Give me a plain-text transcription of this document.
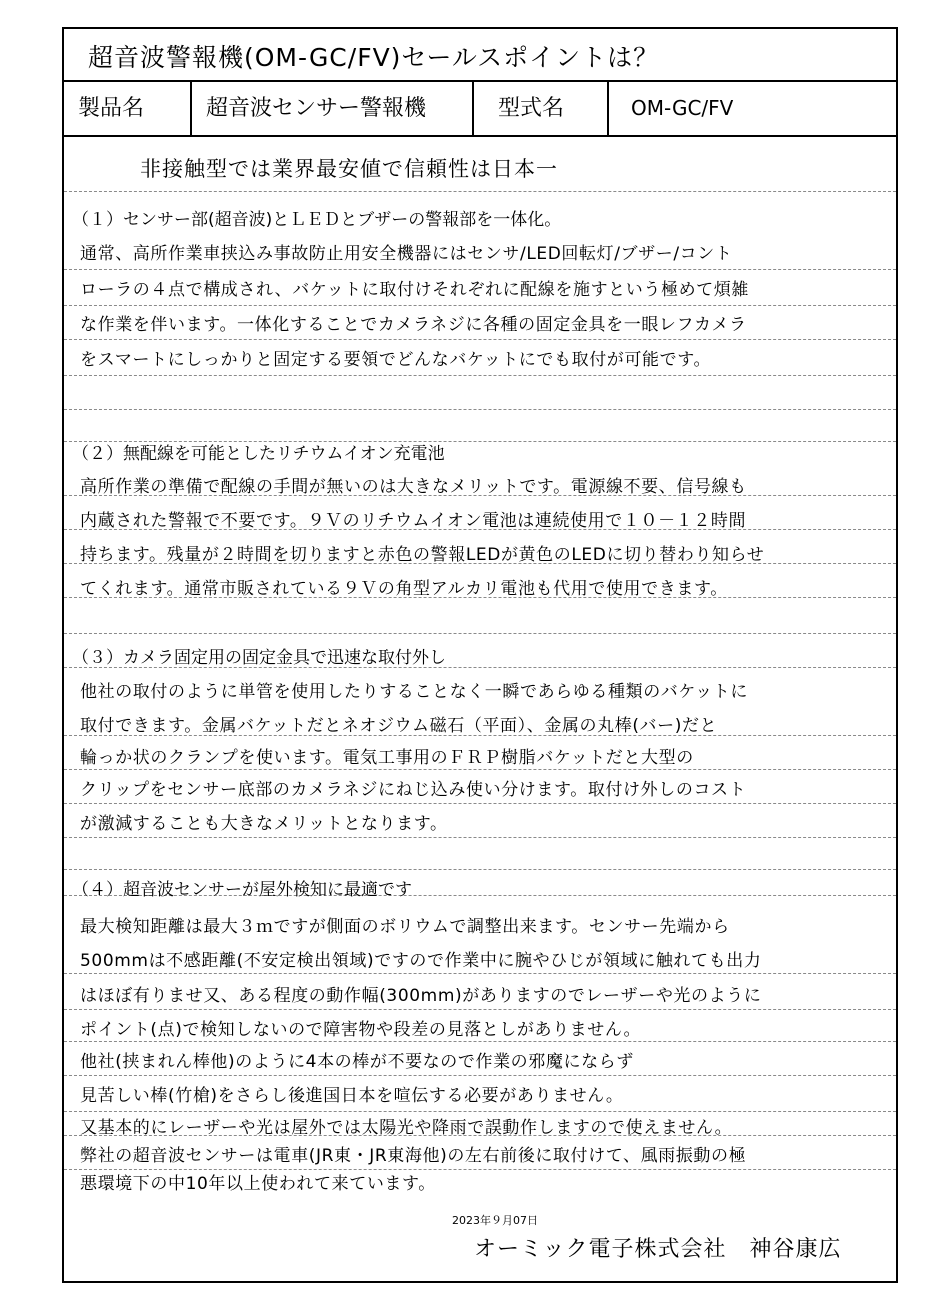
超音波警報機(OM-GC/FV)セールスポイントは？
製品名	超音波センサー警報機	型式名	OM-GC/FV
非接触型では業界最安値で信頼性は日本一
（１）センサー部(超音波)とＬＥＤとブザーの警報部を一体化。
通常、高所作業車挟込み事故防止用安全機器にはセンサ/LED回転灯/ブザー/コント
ローラの４点で構成され、バケットに取付けそれぞれに配線を施すという極めて煩雑
な作業を伴います。一体化することでカメラネジに各種の固定金具を一眼レフカメラ
をスマートにしっかりと固定する要領でどんなバケットにでも取付が可能です。
（２）無配線を可能としたリチウムイオン充電池
高所作業の準備で配線の手間が無いのは大きなメリットです。電源線不要、信号線も
内蔵された警報で不要です。９Ｖのリチウムイオン電池は連続使用で１０－１２時間
持ちます。残量が２時間を切りますと赤色の警報LEDが黄色のLEDに切り替わり知らせ
てくれます。通常市販されている９Ｖの角型アルカリ電池も代用で使用できます。
（３）カメラ固定用の固定金具で迅速な取付外し
他社の取付のように単管を使用したりすることなく一瞬であらゆる種類のバケットに
取付できます。金属バケットだとネオジウム磁石（平面）、金属の丸棒(バー)だと
輪っか状のクランプを使います。電気工事用のＦＲＰ樹脂バケットだと大型の
クリップをセンサー底部のカメラネジにねじ込み使い分けます。取付け外しのコスト
が激減することも大きなメリットとなります。
（４）超音波センサーが屋外検知に最適です
最大検知距離は最大３ｍですが側面のボリウムで調整出来ます。センサー先端から
500mmは不感距離(不安定検出領域)ですので作業中に腕やひじが領域に触れても出力
はほぼ有りませ又、ある程度の動作幅(300mm)がありますのでレーザーや光のように
ポイント(点)で検知しないので障害物や段差の見落としがありません。
他社(挟まれん棒他)のように4本の棒が不要なので作業の邪魔にならず
見苦しい棒(竹槍)をさらし後進国日本を喧伝する必要がありません。
又基本的にレーザーや光は屋外では太陽光や降雨で誤動作しますので使えません。
弊社の超音波センサーは電車(JR東・JR東海他)の左右前後に取付けて、風雨振動の極
悪環境下の中10年以上使われて来ています。
2023年９月07日
オーミック電子株式会社　神谷康広
